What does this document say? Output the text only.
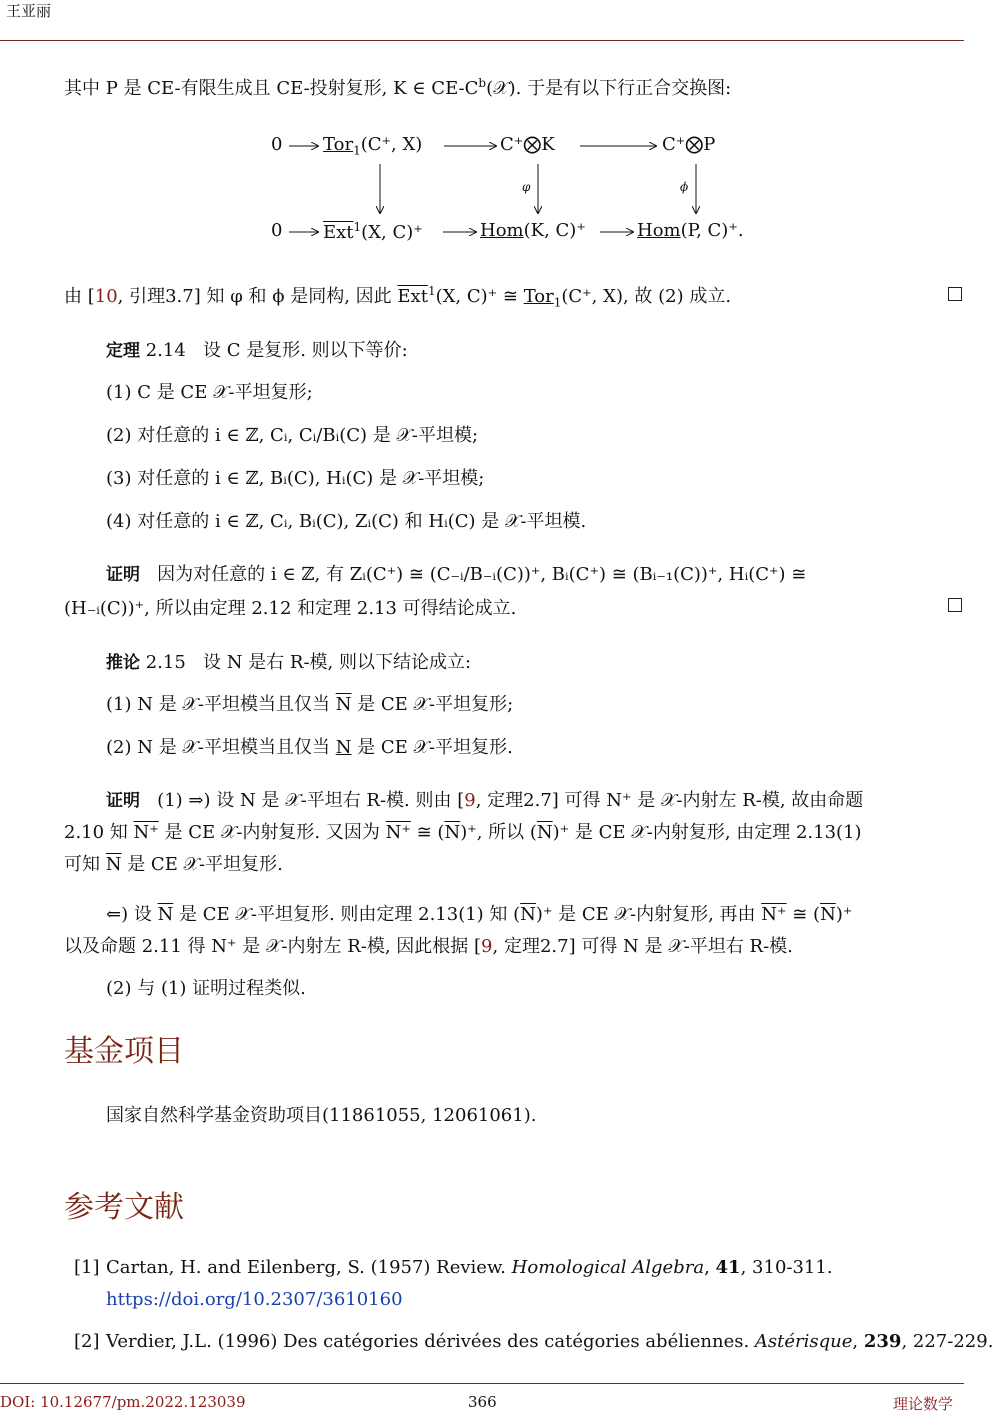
王亚丽
其中 P 是 CE-有限生成且 CE-投射复形, K ∈ $CE-C^b(𝒳)$. 于是有以下行正合交换图:
0 Tor$_1$(C⁺, X)	C⁺⨂K	C⁺⨂P
0 $\overline{Ext}^1(X$, C)⁺	Hom(K, C)⁺	Hom(P, C)⁺.
φ	ϕ
由 [10, 引理3.7] 知 φ 和 ϕ 是同构, 因此 $\overline{Ext}^1(X$, C)⁺ ≅ Tor$_1$(C⁺, X), 故 (2) 成立.
定理 2.14 设 C 是复形. 则以下等价:
(1) C 是 CE 𝒳-平坦复形;
(2) 对任意的 i ∈ ℤ, Cᵢ, Cᵢ/Bᵢ(C) 是 𝒳-平坦模;
(3) 对任意的 i ∈ ℤ, Bᵢ(C), Hᵢ(C) 是 𝒳-平坦模;
(4) 对任意的 i ∈ ℤ, Cᵢ, Bᵢ(C), Zᵢ(C) 和 Hᵢ(C) 是 𝒳-平坦模.
证明 因为对任意的 i ∈ ℤ, 有 Zᵢ(C⁺) ≅ (C₋ᵢ/B₋ᵢ(C))⁺, Bᵢ(C⁺) ≅ (Bᵢ₋₁(C))⁺, Hᵢ(C⁺) ≅
(H₋ᵢ(C))⁺, 所以由定理 2.12 和定理 2.13 可得结论成立.
推论 2.15 设 N 是右 R-模, 则以下结论成立:
(1) N 是 𝒳-平坦模当且仅当 $\overline{N}$ 是 CE 𝒳-平坦复形;
(2) N 是 𝒳-平坦模当且仅当 N 是 CE 𝒳-平坦复形.
证明 (1) ⇒) 设 N 是 𝒳-平坦右 R-模. 则由 [9, 定理2.7] 可得 N⁺ 是 𝒳-内射左 R-模, 故由命题
2.10 知 N⁺ 是 CE 𝒳-内射复形. 又因为 N⁺ ≅ $(\overline{N})^+$, 所以 $(\overline{N})^+$ 是 CE 𝒳-内射复形, 由定理 2.13(1)
可知 $\overline{N}$ 是 CE 𝒳-平坦复形.
⇐) 设 $\overline{N}$ 是 CE 𝒳-平坦复形. 则由定理 2.13(1) 知 $(\overline{N})^+$ 是 CE 𝒳-内射复形, 再由 N⁺ ≅ $(\overline{N})^+$
以及命题 2.11 得 N⁺ 是 𝒳-内射左 R-模, 因此根据 [9, 定理2.7] 可得 N 是 𝒳-平坦右 R-模.
(2) 与 (1) 证明过程类似.
基金项目
国家自然科学基金资助项目(11861055, 12061061).
参考文献
[1] Cartan, H. and Eilenberg, S. (1957) Review. Homological Algebra, 41, 310-311.
https://doi.org/10.2307/3610160
[2] Verdier, J.L. (1996) Des catégories dérivées des catégories abéliennes. Astérisque, 239, 227-229.
DOI: 10.12677/pm.2022.123039	366	理论数学
